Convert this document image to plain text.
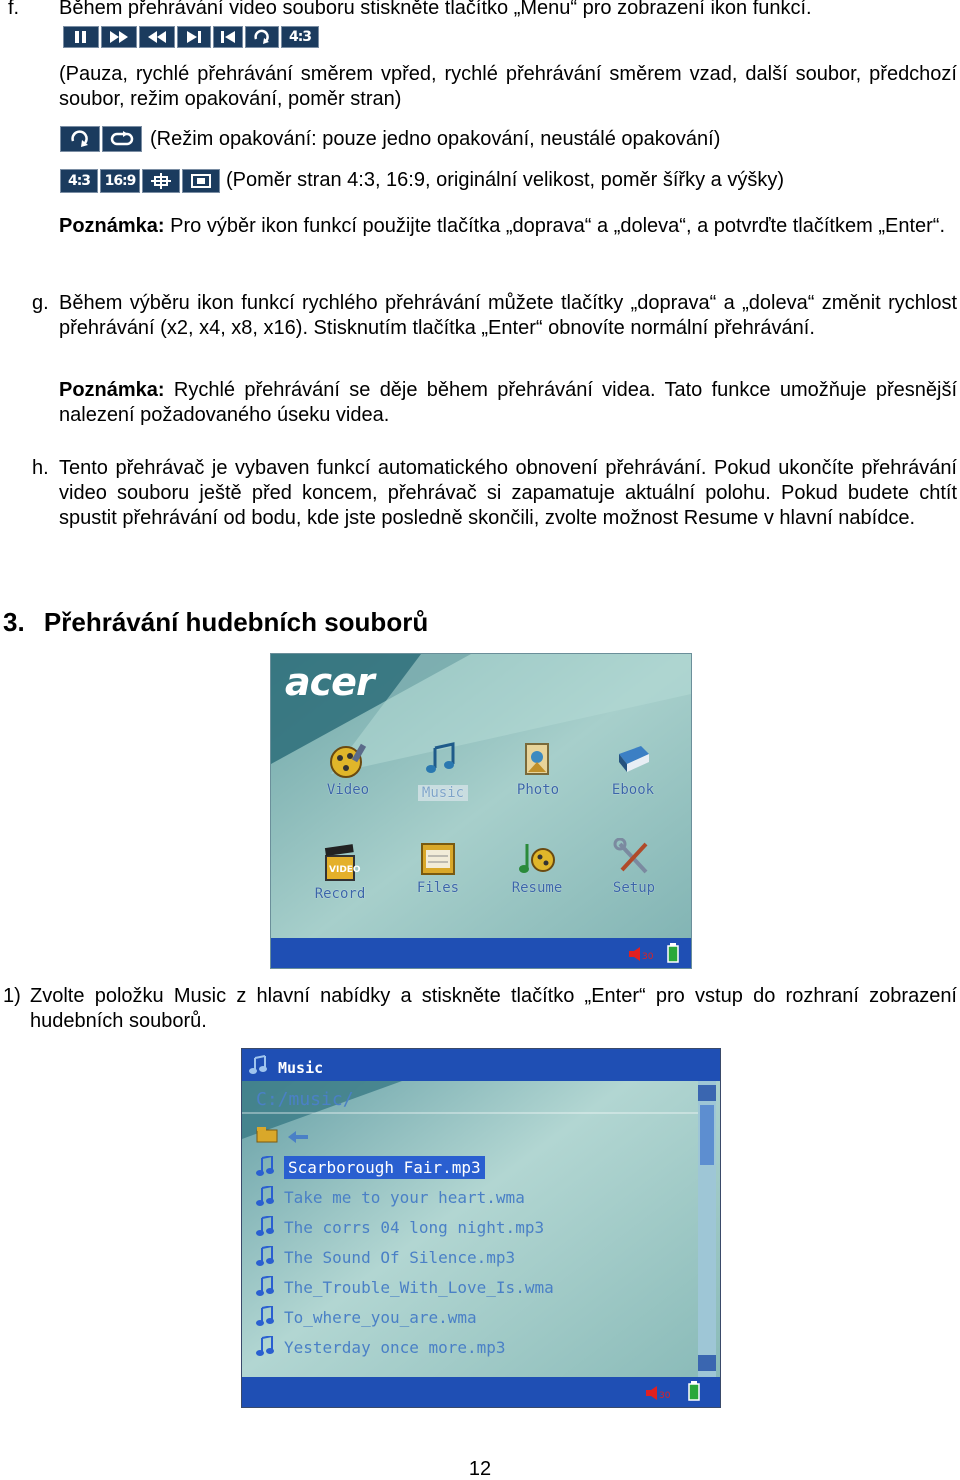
f. Během přehrávání video souboru stiskněte tlačítko „Menu“ pro zobrazení ikon funkcí.
4:3
(Pauza, rychlé přehrávání směrem vpřed, rychlé přehrávání směrem vzad, další soubor, předchozí soubor, režim opakování, poměr stran)
(Režim opakování: pouze jedno opakování, neustálé opakování)
4:3	16:9	(Poměr stran 4:3, 16:9, originální velikost, poměr šířky a výšky)
Poznámka: Pro výběr ikon funkcí použijte tlačítka „doprava“ a „doleva“, a potvrďte tlačítkem „Enter“.
g. Během výběru ikon funkcí rychlého přehrávání můžete tlačítky „doprava“ a „doleva“ změnit rychlost přehrávání (x2, x4, x8, x16). Stisknutím tlačítka „Enter“ obnovíte normální přehrávání.
Poznámka: Rychlé přehrávání se děje během přehrávání videa. Tato funkce umožňuje přesnější nalezení požadovaného úseku videa.
h. Tento přehrávač je vybaven funkcí automatického obnovení přehrávání. Pokud ukončíte přehrávání video souboru ještě před koncem, přehrávač si zapamatuje aktuální polohu. Pokud budete chtít spustit přehrávání od bodu, kde jste posledně skončili, zvolte možnost Resume v hlavní nabídce.
3. Přehrávání hudebních souborů
acer
Video	Music	Photo	Ebook
VIDEO
Record	Files	Resume	Setup
30
1) Zvolte položku Music z hlavní nabídky a stiskněte tlačítko „Enter“ pro vstup do rozhraní zobrazení hudebních souborů.
Music
C:/music/
Scarborough Fair.mp3
Take me to your heart.wma
The corrs 04 long night.mp3
The Sound Of Silence.mp3
The_Trouble_With_Love_Is.wma
To_where_you_are.wma
Yesterday once more.mp3
30
12
